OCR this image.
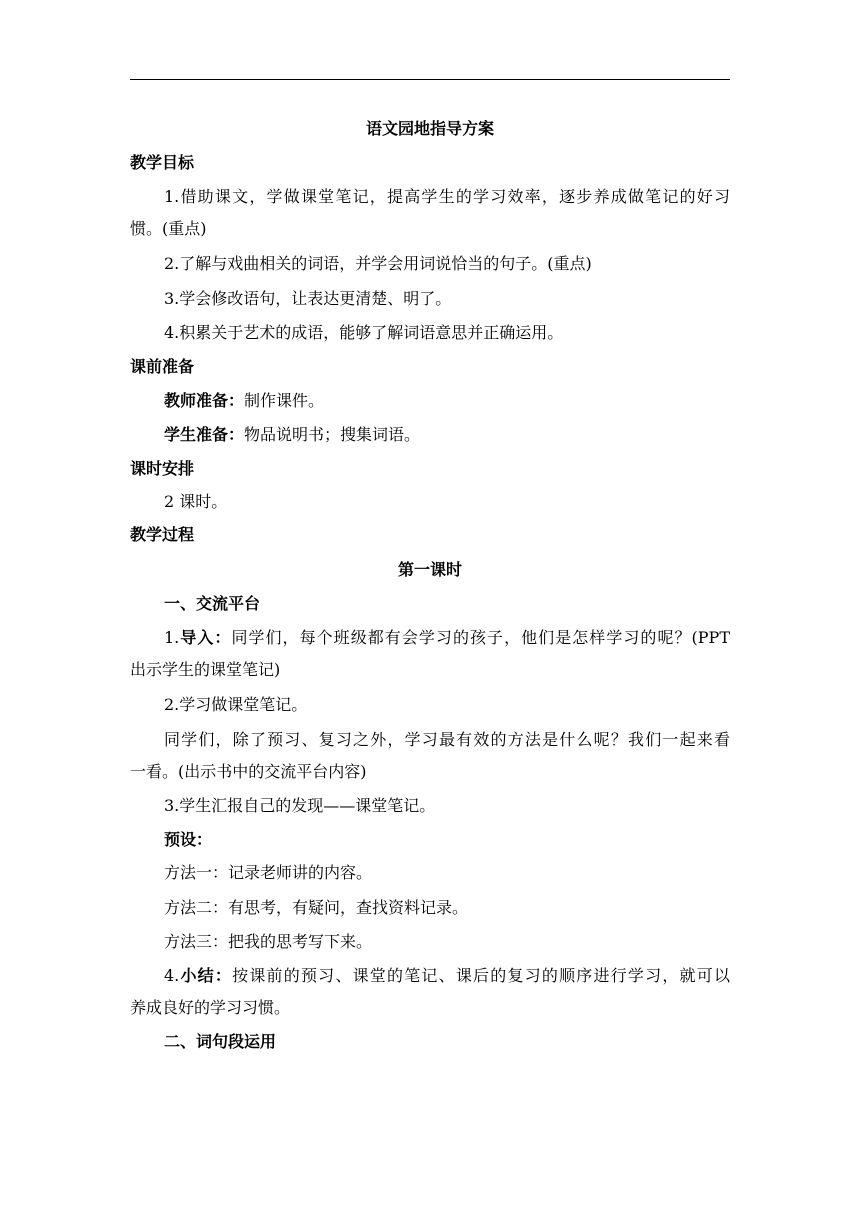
语文园地指导方案
教学目标
1.借助课文，学做课堂笔记，提高学生的学习效率，逐步养成做笔记的好习
惯。(重点)
2.了解与戏曲相关的词语，并学会用词说恰当的句子。(重点)
3.学会修改语句，让表达更清楚、明了。
4.积累关于艺术的成语，能够了解词语意思并正确运用。
课前准备
教师准备：制作课件。
学生准备：物品说明书；搜集词语。
课时安排
2 课时。
教学过程
第一课时
一、交流平台
1.导入：同学们，每个班级都有会学习的孩子，他们是怎样学习的呢？(PPT
出示学生的课堂笔记)
2.学习做课堂笔记。
同学们，除了预习、复习之外，学习最有效的方法是什么呢？我们一起来看
一看。(出示书中的交流平台内容)
3.学生汇报自己的发现——课堂笔记。
预设：
方法一：记录老师讲的内容。
方法二：有思考，有疑问，查找资料记录。
方法三：把我的思考写下来。
4.小结：按课前的预习、课堂的笔记、课后的复习的顺序进行学习，就可以
养成良好的学习习惯。
二、词句段运用
